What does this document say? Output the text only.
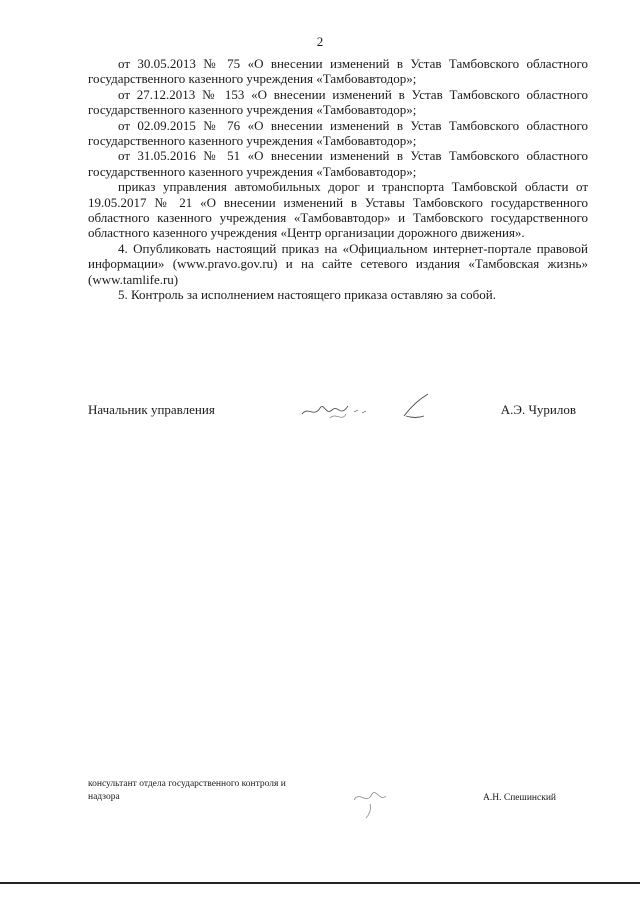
2

от 30.05.2013 № 75 «О внесении изменений в Устав Тамбовского областного государственного казенного учреждения «Тамбовавтодор»;

от 27.12.2013 № 153 «О внесении изменений в Устав Тамбовского областного государственного казенного учреждения «Тамбовавтодор»;

от 02.09.2015 № 76 «О внесении изменений в Устав Тамбовского областного государственного казенного учреждения «Тамбовавтодор»;

от 31.05.2016 № 51 «О внесении изменений в Устав Тамбовского областного государственного казенного учреждения «Тамбовавтодор»;

приказ управления автомобильных дорог и транспорта Тамбовской области от 19.05.2017 № 21 «О внесении изменений в Уставы Тамбовского государственного областного казенного учреждения «Тамбовавтодор» и Тамбовского государственного областного казенного учреждения «Центр организации дорожного движения».

4. Опубликовать настоящий приказ на «Официальном интернет-портале правовой информации» (www.pravo.gov.ru) и на сайте сетевого издания «Тамбовская жизнь» (www.tamlife.ru)

5. Контроль за исполнением настоящего приказа оставляю за собой.

Начальник управления	А.Э. Чурилов
консультант отдела государственного контроля и надзора	А.Н. Спешинский
